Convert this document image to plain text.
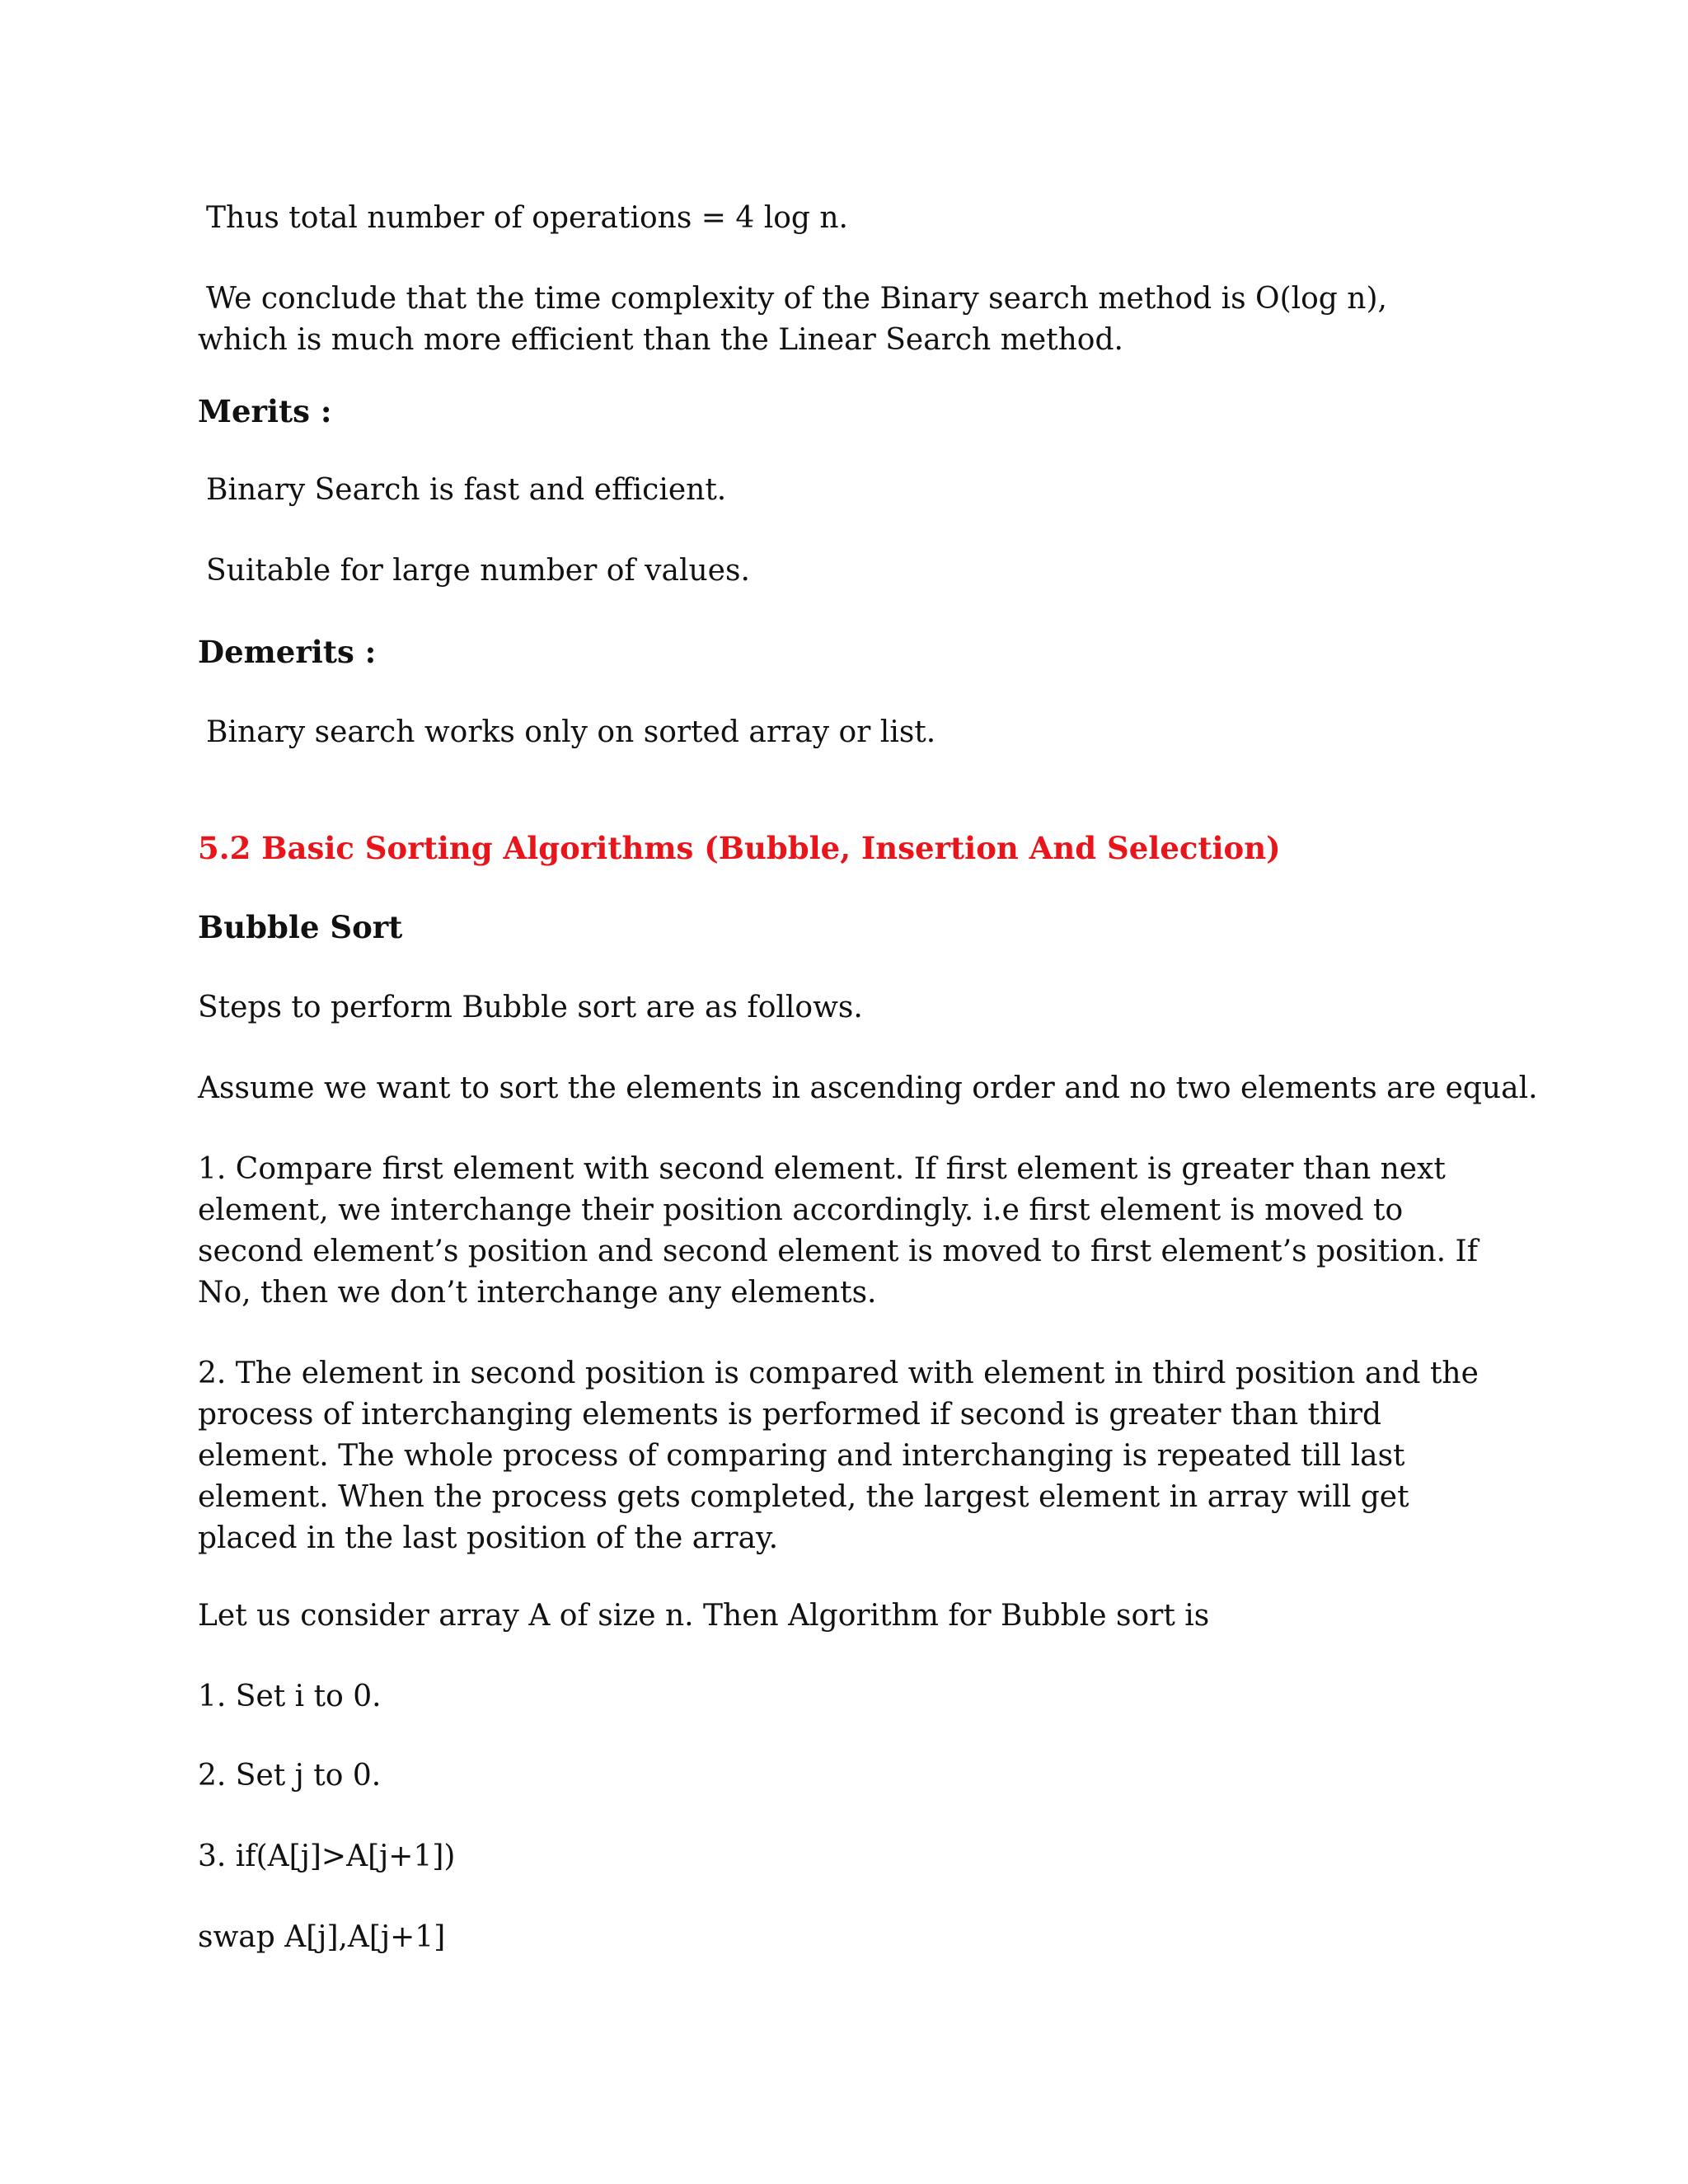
Thus total number of operations = 4 log n.

We conclude that the time complexity of the Binary search method is O(log n), which is much more efficient than the Linear Search method.

Merits :

Binary Search is fast and efficient.

Suitable for large number of values.

Demerits :

Binary search works only on sorted array or list.

5.2 Basic Sorting Algorithms (Bubble, Insertion And Selection)

Bubble Sort

Steps to perform Bubble sort are as follows.

Assume we want to sort the elements in ascending order and no two elements are equal.

1. Compare first element with second element. If first element is greater than next element, we interchange their position accordingly. i.e first element is moved to second element’s position and second element is moved to first element’s position. If No, then we don’t interchange any elements.

2. The element in second position is compared with element in third position and the process of interchanging elements is performed if second is greater than third element. The whole process of comparing and interchanging is repeated till last element. When the process gets completed, the largest element in array will get placed in the last position of the array.

Let us consider array A of size n. Then Algorithm for Bubble sort is

1. Set i to 0.

2. Set j to 0.

3. if(A[j]>A[j+1])

swap A[j],A[j+1]
